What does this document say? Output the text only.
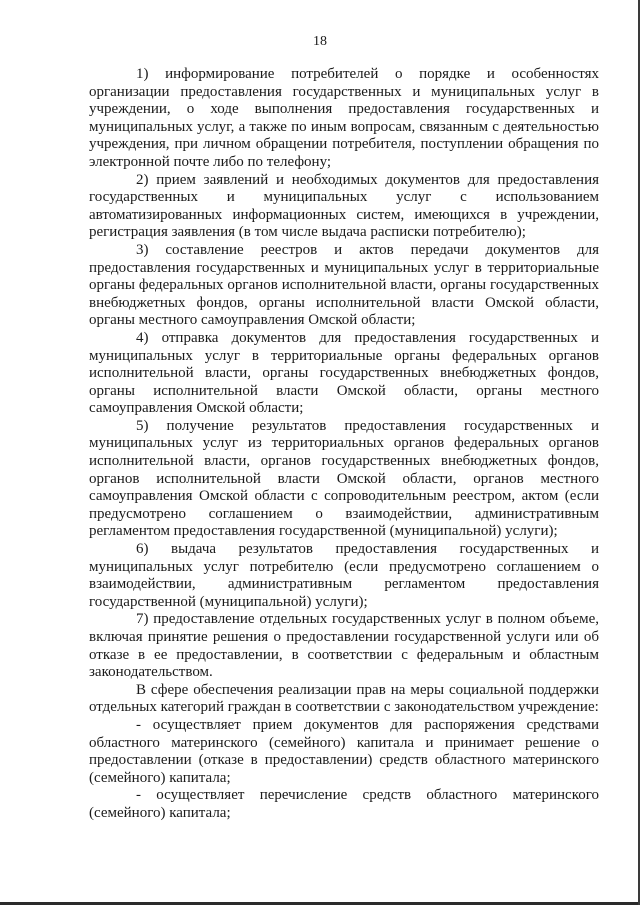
18

1) информирование потребителей о порядке и особенностях организации предоставления государственных и муниципальных услуг в учреждении, о ходе выполнения предоставления государственных и муниципальных услуг, а также по иным вопросам, связанным с деятельностью учреждения, при личном обращении потребителя, поступлении обращения по электронной почте либо по телефону;

2) прием заявлений и необходимых документов для предоставления государственных и муниципальных услуг с использованием автоматизированных информационных систем, имеющихся в учреждении, регистрация заявления (в том числе выдача расписки потребителю);

3) составление реестров и актов передачи документов для предоставления государственных и муниципальных услуг в территориальные органы федеральных органов исполнительной власти, органы государственных внебюджетных фондов, органы исполнительной власти Омской области, органы местного самоуправления Омской области;

4) отправка документов для предоставления государственных и муниципальных услуг в территориальные органы федеральных органов исполнительной власти, органы государственных внебюджетных фондов, органы исполнительной власти Омской области, органы местного самоуправления Омской области;

5) получение результатов предоставления государственных и муниципальных услуг из территориальных органов федеральных органов исполнительной власти, органов государственных внебюджетных фондов, органов исполнительной власти Омской области, органов местного самоуправления Омской области с сопроводительным реестром, актом (если предусмотрено соглашением о взаимодействии, административным регламентом предоставления государственной (муниципальной) услуги);

6) выдача результатов предоставления государственных и муниципальных услуг потребителю (если предусмотрено соглашением о взаимодействии, административным регламентом предоставления государственной (муниципальной) услуги);

7) предоставление отдельных государственных услуг в полном объеме, включая принятие решения о предоставлении государственной услуги или об отказе в ее предоставлении, в соответствии с федеральным и областным законодательством.

В сфере обеспечения реализации прав на меры социальной поддержки отдельных категорий граждан в соответствии с законодательством учреждение:

- осуществляет прием документов для распоряжения средствами областного материнского (семейного) капитала и принимает решение о предоставлении (отказе в предоставлении) средств областного материнского (семейного) капитала;

- осуществляет перечисление средств областного материнского (семейного) капитала;
